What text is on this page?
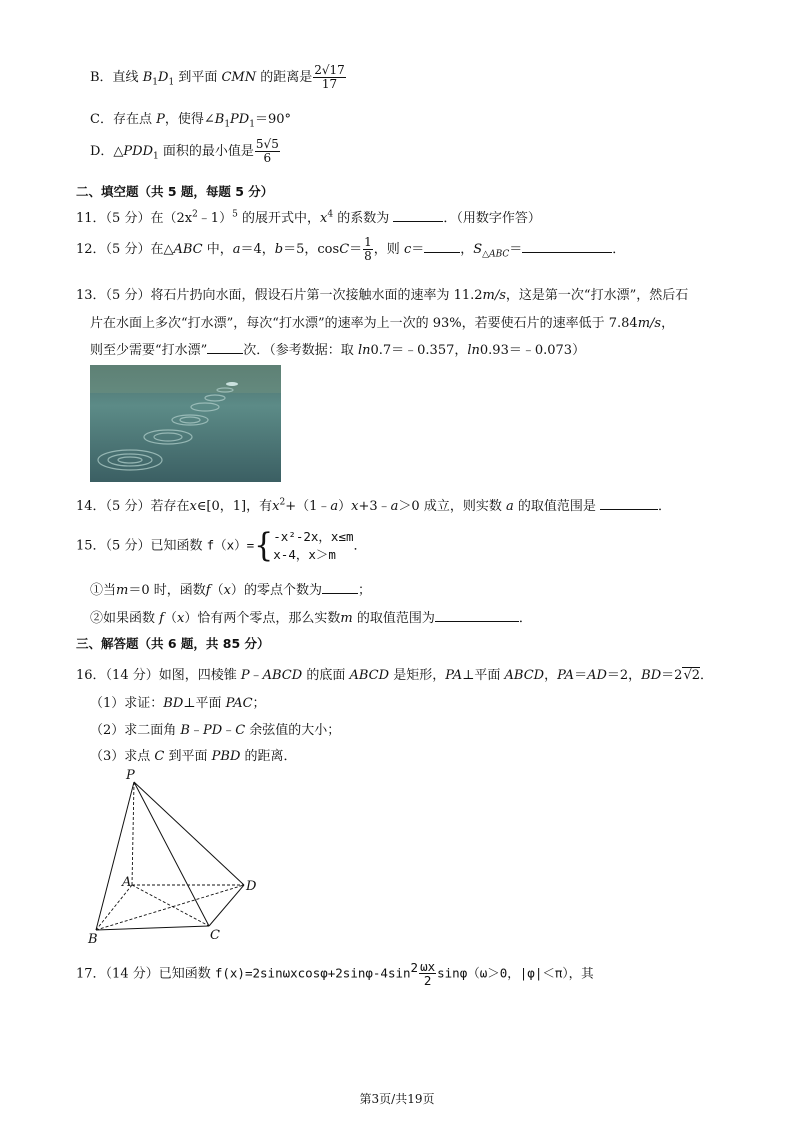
B．直线 $B_1D_1$ 到平面 CMN 的距离是 $\frac{2√17}{17}$
C．存在点 P，使得$\angle B_1PD_1=90^\circ$
D．$\triangle PDD_1$ 面积的最小值是 $\frac{5√5}{6}$
二、填空题（共 5 题，每题 5 分）
11．（5 分）在$(2x^2﹣1)^5$ 的展开式中，$x^4$ 的系数为	．（用数字作答）
12．（5 分）在△ABC 中，a＝4，b＝5，$\cos C= \frac{1}{8}$ ，则 c＝	，$S_{\triangle ABC}=$	．
13．（5 分）将石片扔向水面，假设石片第一次接触水面的速率为 11.2m/s，这是第一次“打水漂”，然后石
片在水面上多次“打水漂”，每次“打水漂”的速率为上一次的 93%，若要使石片的速率低于 7.84m/s，
则至少需要“打水漂”	次．（参考数据：取 ln0.7＝﹣0.357，ln0.93＝﹣0.073）
14．（5 分）若存在x∈[0，1]，有$x^2+(1﹣a)x+3﹣a>0$ 成立，则实数 a 的取值范围是	．
15．（5 分）已知函数 f（x）={ -x²-2x，x≤m
x-4，x＞m
．
①当m＝0 时，函数f（x）的零点个数为	；
②如果函数 f（x）恰有两个零点，那么实数m 的取值范围为	．
三、解答题（共 6 题，共 85 分）
16．（14 分）如图，四棱锥 P﹣ABCD 的底面 ABCD 是矩形，PA⊥平面 ABCD，PA＝AD＝2，BD＝2√2．
（1）求证：BD⊥平面 PAC；
（2）求二面角 B﹣PD﹣C 余弦值的大小；
（3）求点 C 到平面 PBD 的距离．
P
A
B	C
D
17．（14 分）已知函数 $f(x)=2\sin\omega xcos\varphi+2\sin\varphi-4\sin^2 \frac{\omega x}{2} \sin\varphi(\omega>0$，|φ|＜π），其
第3页/共19页
